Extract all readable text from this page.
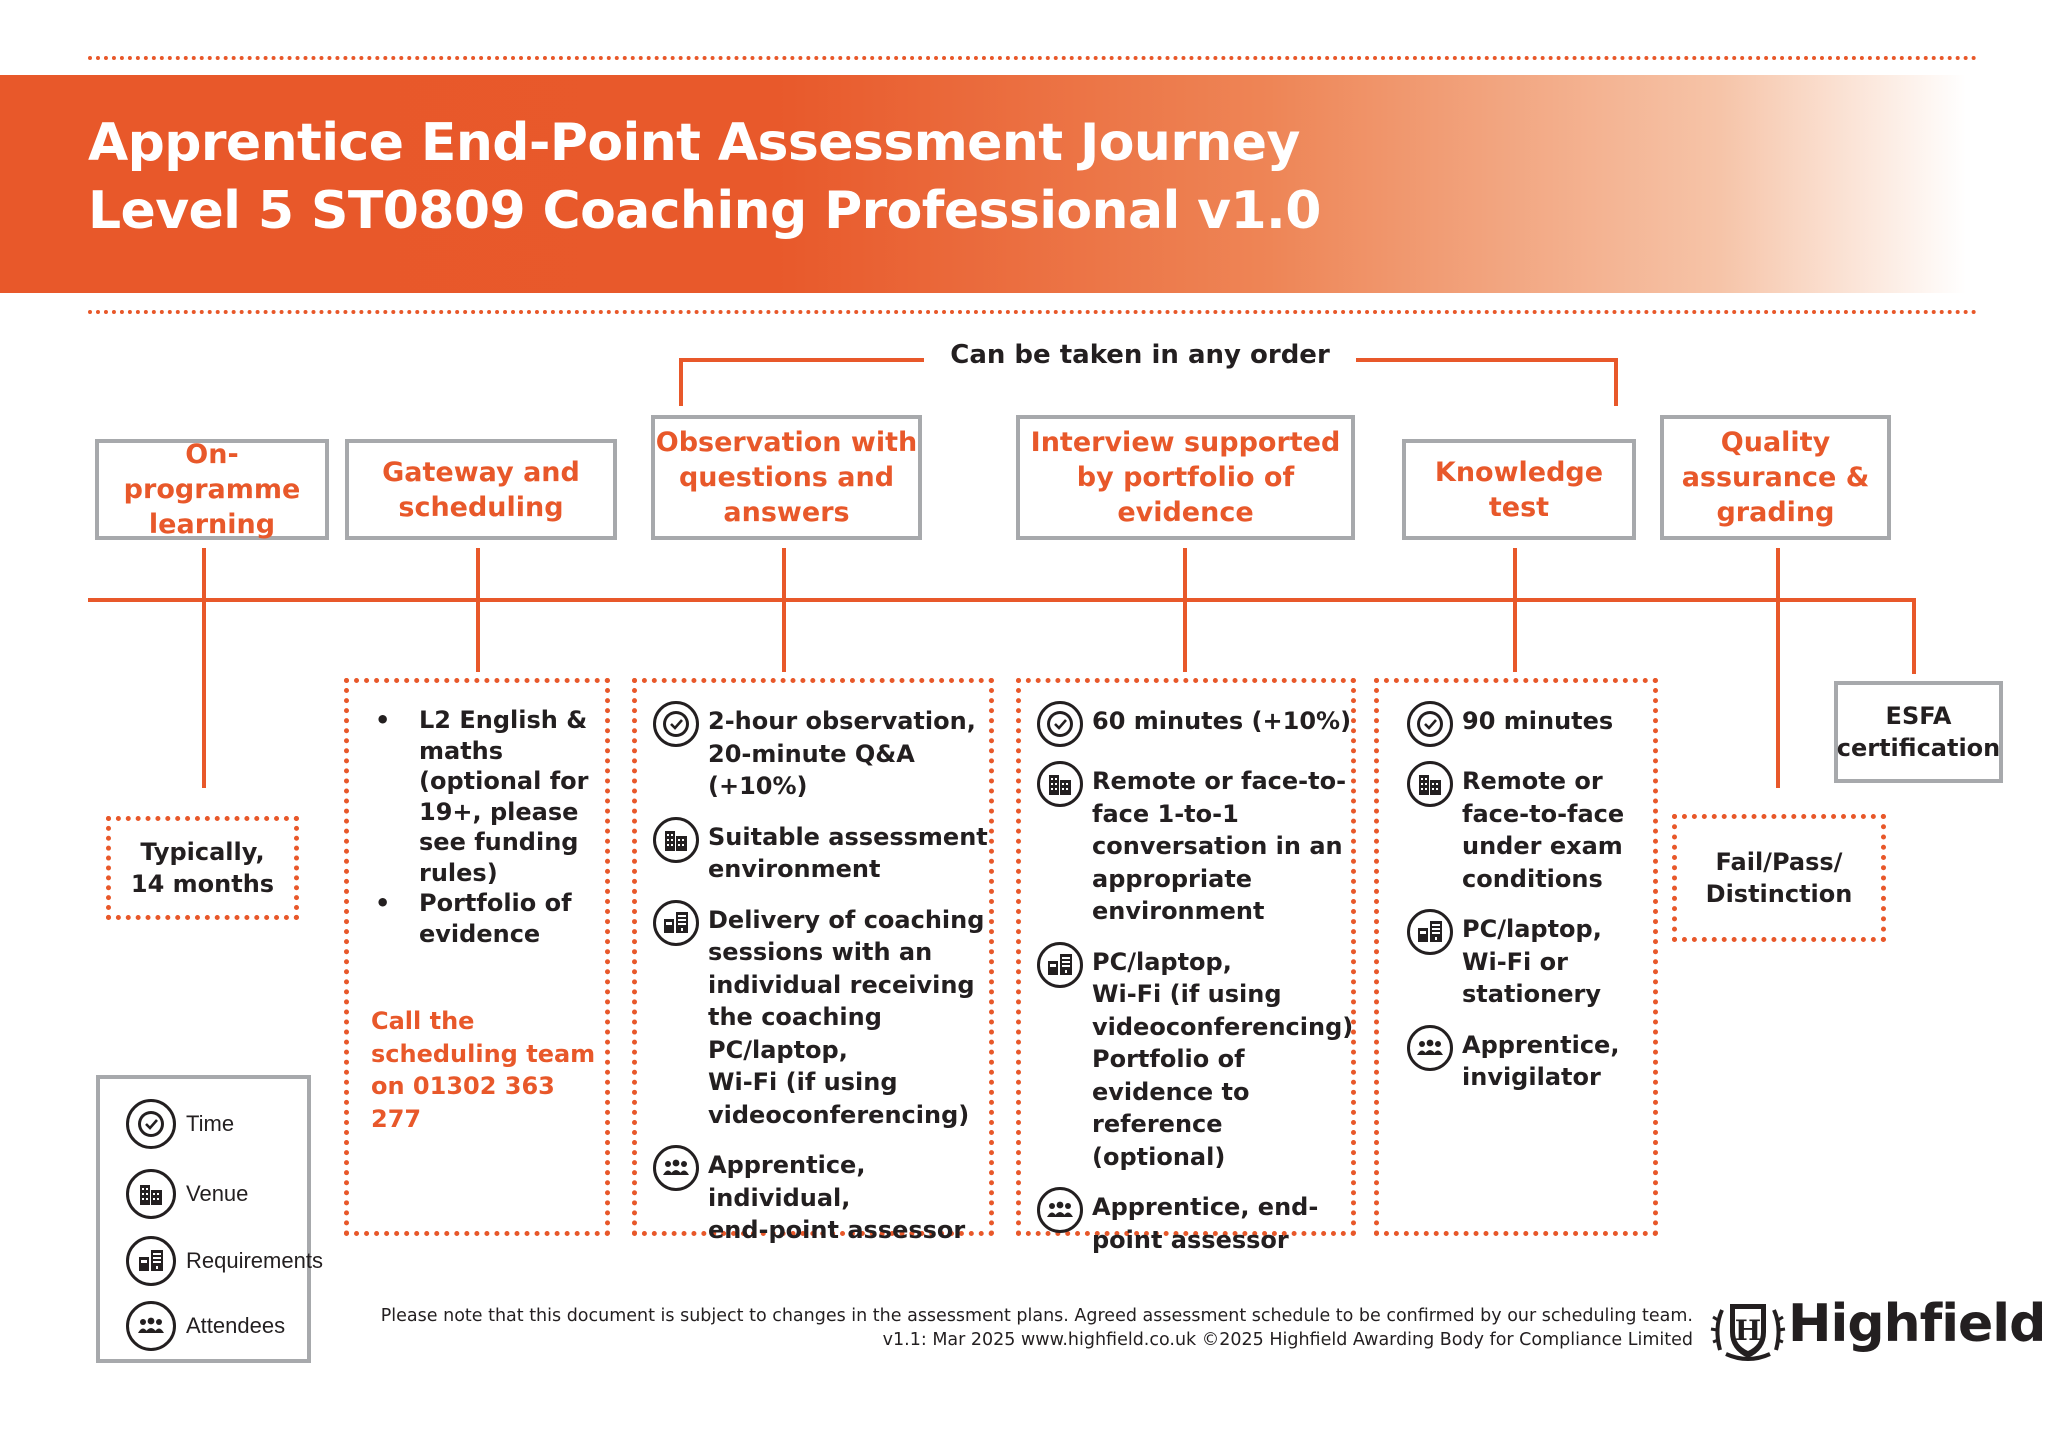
Apprentice End-Point Assessment Journey
Level 5 ST0809 Coaching Professional v1.0
Can be taken in any order
On-programme
learning
Gateway and
scheduling
Observation with
questions and
answers
Interview supported
by portfolio of evidence
Knowledge
test
Quality
assurance &
grading
Typically,
14 months
•	L2 English &
maths
(optional for
19+, please
see funding
rules)
•	Portfolio of
evidence
Call the
scheduling team
on 01302 363 277
2-hour observation,
20-minute Q&A
(+10%)
Suitable assessment
environment
Delivery of coaching
sessions with an
individual receiving
the coaching
PC/laptop,
Wi-Fi (if using
videoconferencing)
Apprentice, individual,
end-point assessor
60 minutes (+10%)
Remote or face-to-
face 1-to-1
conversation in an
appropriate
environment
PC/laptop,
Wi-Fi (if using
videoconferencing)
Portfolio of
evidence to
reference (optional)
Apprentice, end-
point assessor
90 minutes
Remote or
face-to-face
under exam
conditions
PC/laptop,
Wi-Fi or
stationery
Apprentice,
invigilator
Fail/Pass/
Distinction
ESFA
certification
Time
Venue
Requirements
Attendees	Please note that this document is subject to changes in the assessment plans. Agreed assessment schedule to be confirmed by our scheduling team.
v1.1: Mar 2025 www.highfield.co.uk ©2025 Highfield Awarding Body for Compliance Limited H Highfield
